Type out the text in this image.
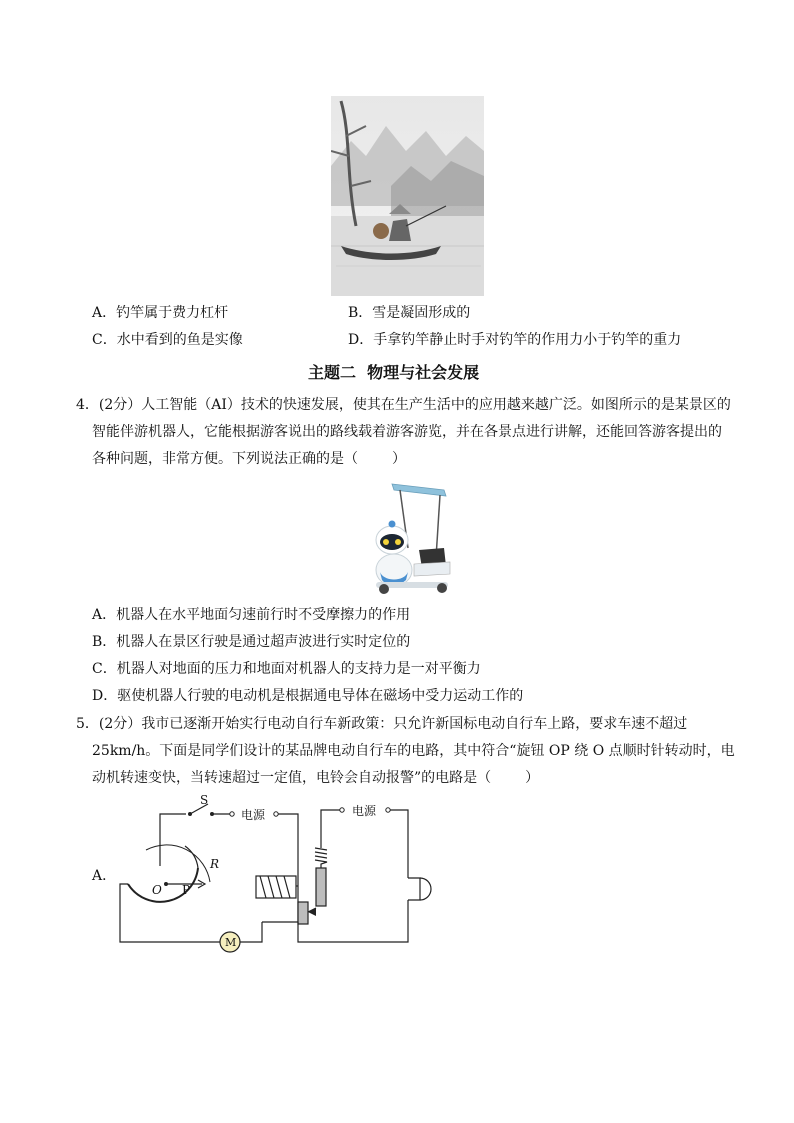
A．钓竿属于费力杠杆	B．雪是凝固形成的
C．水中看到的鱼是实像	D．手拿钓竿静止时手对钓竿的作用力小于钓竿的重力
主题二  物理与社会发展
4．(2分）人工智能（AI）技术的快速发展，使其在生产生活中的应用越来越广泛。如图所示的是某景区的
智能伴游机器人，它能根据游客说出的路线载着游客游览，并在各景点进行讲解，还能回答游客提出的
各种问题，非常方便。下列说法正确的是（ ）
A．机器人在水平地面匀速前行时不受摩擦力的作用
B．机器人在景区行驶是通过超声波进行实时定位的
C．机器人对地面的压力和地面对机器人的支持力是一对平衡力
D．驱使机器人行驶的电动机是根据通电导体在磁场中受力运动工作的
5．(2分）我市已逐渐开始实行电动自行车新政策：只允许新国标电动自行车上路，要求车速不超过
25km/h。下面是同学们设计的某品牌电动自行车的电路，其中符合“旋钮 OP 绕 O 点顺时针转动时，电
动机转速变快，当转速超过一定值，电铃会自动报警”的电路是（ ）
A．
S
电源	电源
R
O P
M
